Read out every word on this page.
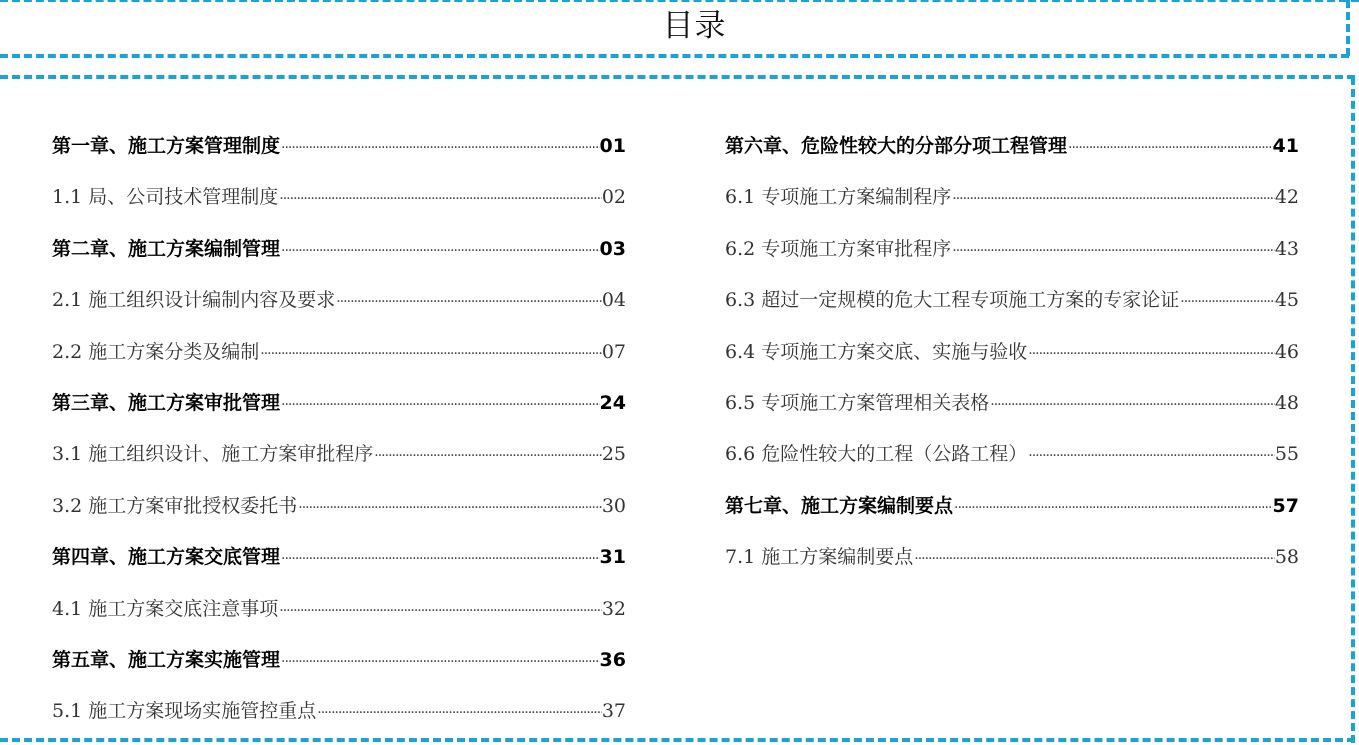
目录
第一章、施工方案管理制度 ·····	01
1.1 局、公司技术管理制度 ·····	02
第二章、施工方案编制管理 ·····	03
2.1 施工组织设计编制内容及要求 ·····	04
2.2 施工方案分类及编制 ·····	07
第三章、施工方案审批管理 ·····	24
3.1 施工组织设计、施工方案审批程序 ·····	25
3.2 施工方案审批授权委托书 ·····	30
第四章、施工方案交底管理 ·····	31
4.1 施工方案交底注意事项 ·····	32
第五章、施工方案实施管理 ·····	36
5.1 施工方案现场实施管控重点 ·····	37
第六章、危险性较大的分部分项工程管理 ·····	41
6.1 专项施工方案编制程序 ·····	42
6.2 专项施工方案审批程序 ·····	43
6.3 超过一定规模的危大工程专项施工方案的专家论证 ·····	45
6.4 专项施工方案交底、实施与验收 ·····	46
6.5 专项施工方案管理相关表格 ·····	48
6.6 危险性较大的工程（公路工程） ·····	55
第七章、施工方案编制要点 ·····	57
7.1 施工方案编制要点 ·····	58
